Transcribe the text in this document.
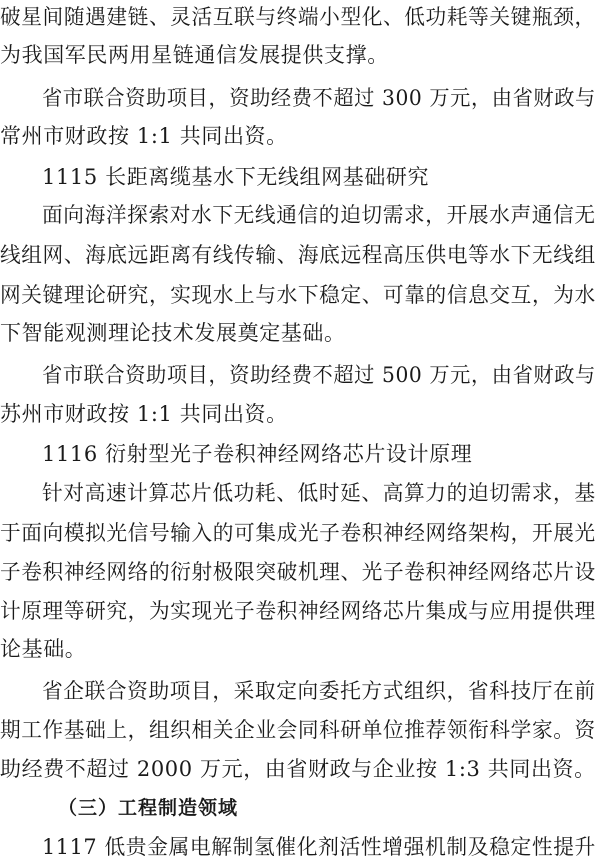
破星间随遇建链、灵活互联与终端小型化、低功耗等关键瓶颈，
为我国军民两用星链通信发展提供支撑。
省市联合资助项目，资助经费不超过 300 万元，由省财政与
常州市财政按 1:1 共同出资。
1115 长距离缆基水下无线组网基础研究
面向海洋探索对水下无线通信的迫切需求，开展水声通信无
线组网、海底远距离有线传输、海底远程高压供电等水下无线组
网关键理论研究，实现水上与水下稳定、可靠的信息交互，为水
下智能观测理论技术发展奠定基础。
省市联合资助项目，资助经费不超过 500 万元，由省财政与
苏州市财政按 1:1 共同出资。
1116 衍射型光子卷积神经网络芯片设计原理
针对高速计算芯片低功耗、低时延、高算力的迫切需求，基
于面向模拟光信号输入的可集成光子卷积神经网络架构，开展光
子卷积神经网络的衍射极限突破机理、光子卷积神经网络芯片设
计原理等研究，为实现光子卷积神经网络芯片集成与应用提供理
论基础。
省企联合资助项目，采取定向委托方式组织，省科技厅在前
期工作基础上，组织相关企业会同科研单位推荐领衔科学家。资
助经费不超过 2000 万元，由省财政与企业按 1:3 共同出资。
（三）工程制造领域
1117 低贵金属电解制氢催化剂活性增强机制及稳定性提升
